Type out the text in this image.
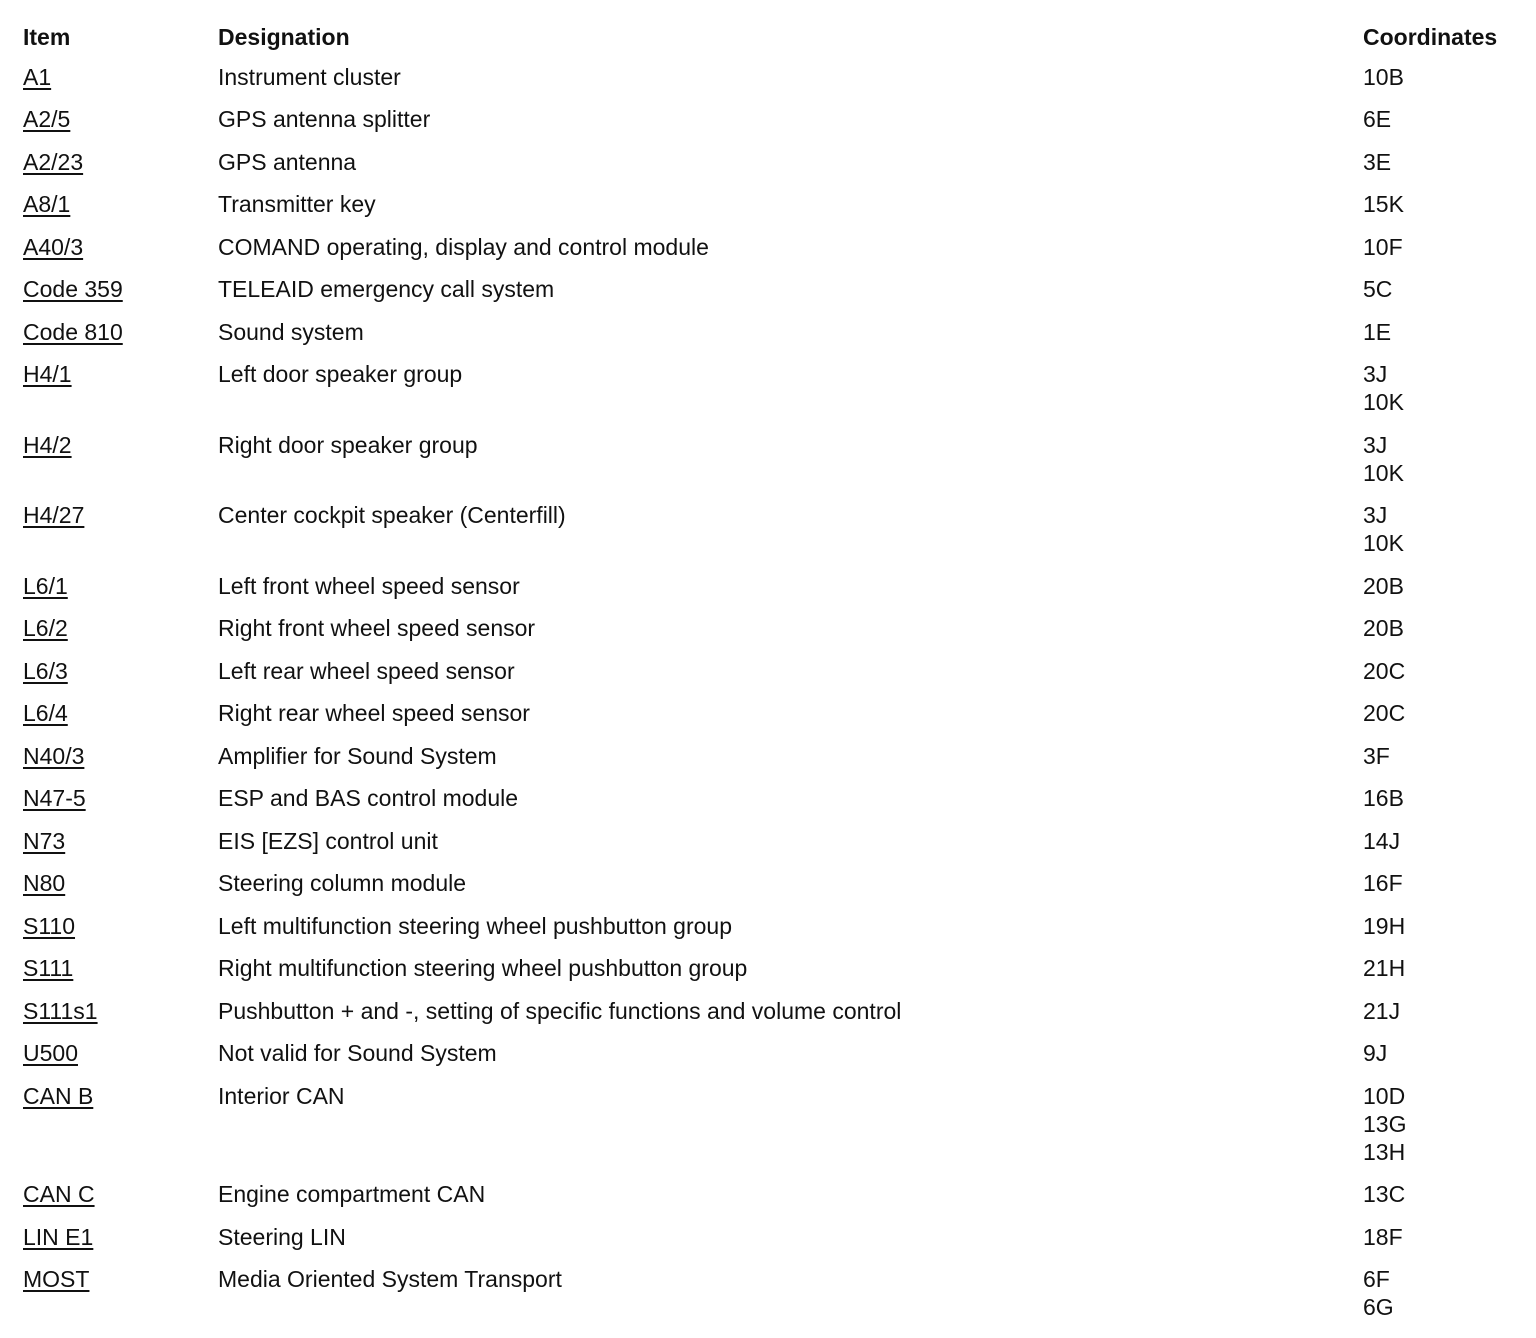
Item	Designation	Coordinates
A1	Instrument cluster	10B
A2/5	GPS antenna splitter	6E
A2/23	GPS antenna	3E
A8/1	Transmitter key	15K
A40/3	COMAND operating, display and control module	10F
Code 359	TELEAID emergency call system	5C
Code 810	Sound system	1E
H4/1	Left door speaker group	3J
10K
H4/2	Right door speaker group	3J
10K
H4/27	Center cockpit speaker (Centerfill)	3J
10K
L6/1	Left front wheel speed sensor	20B
L6/2	Right front wheel speed sensor	20B
L6/3	Left rear wheel speed sensor	20C
L6/4	Right rear wheel speed sensor	20C
N40/3	Amplifier for Sound System	3F
N47-5	ESP and BAS control module	16B
N73	EIS [EZS] control unit	14J
N80	Steering column module	16F
S110	Left multifunction steering wheel pushbutton group	19H
S111	Right multifunction steering wheel pushbutton group	21H
S111s1	Pushbutton + and -, setting of specific functions and volume control	21J
U500	Not valid for Sound System	9J
CAN B	Interior CAN	10D
13G
13H
CAN C	Engine compartment CAN	13C
LIN E1	Steering LIN	18F
MOST	Media Oriented System Transport	6F
6G
